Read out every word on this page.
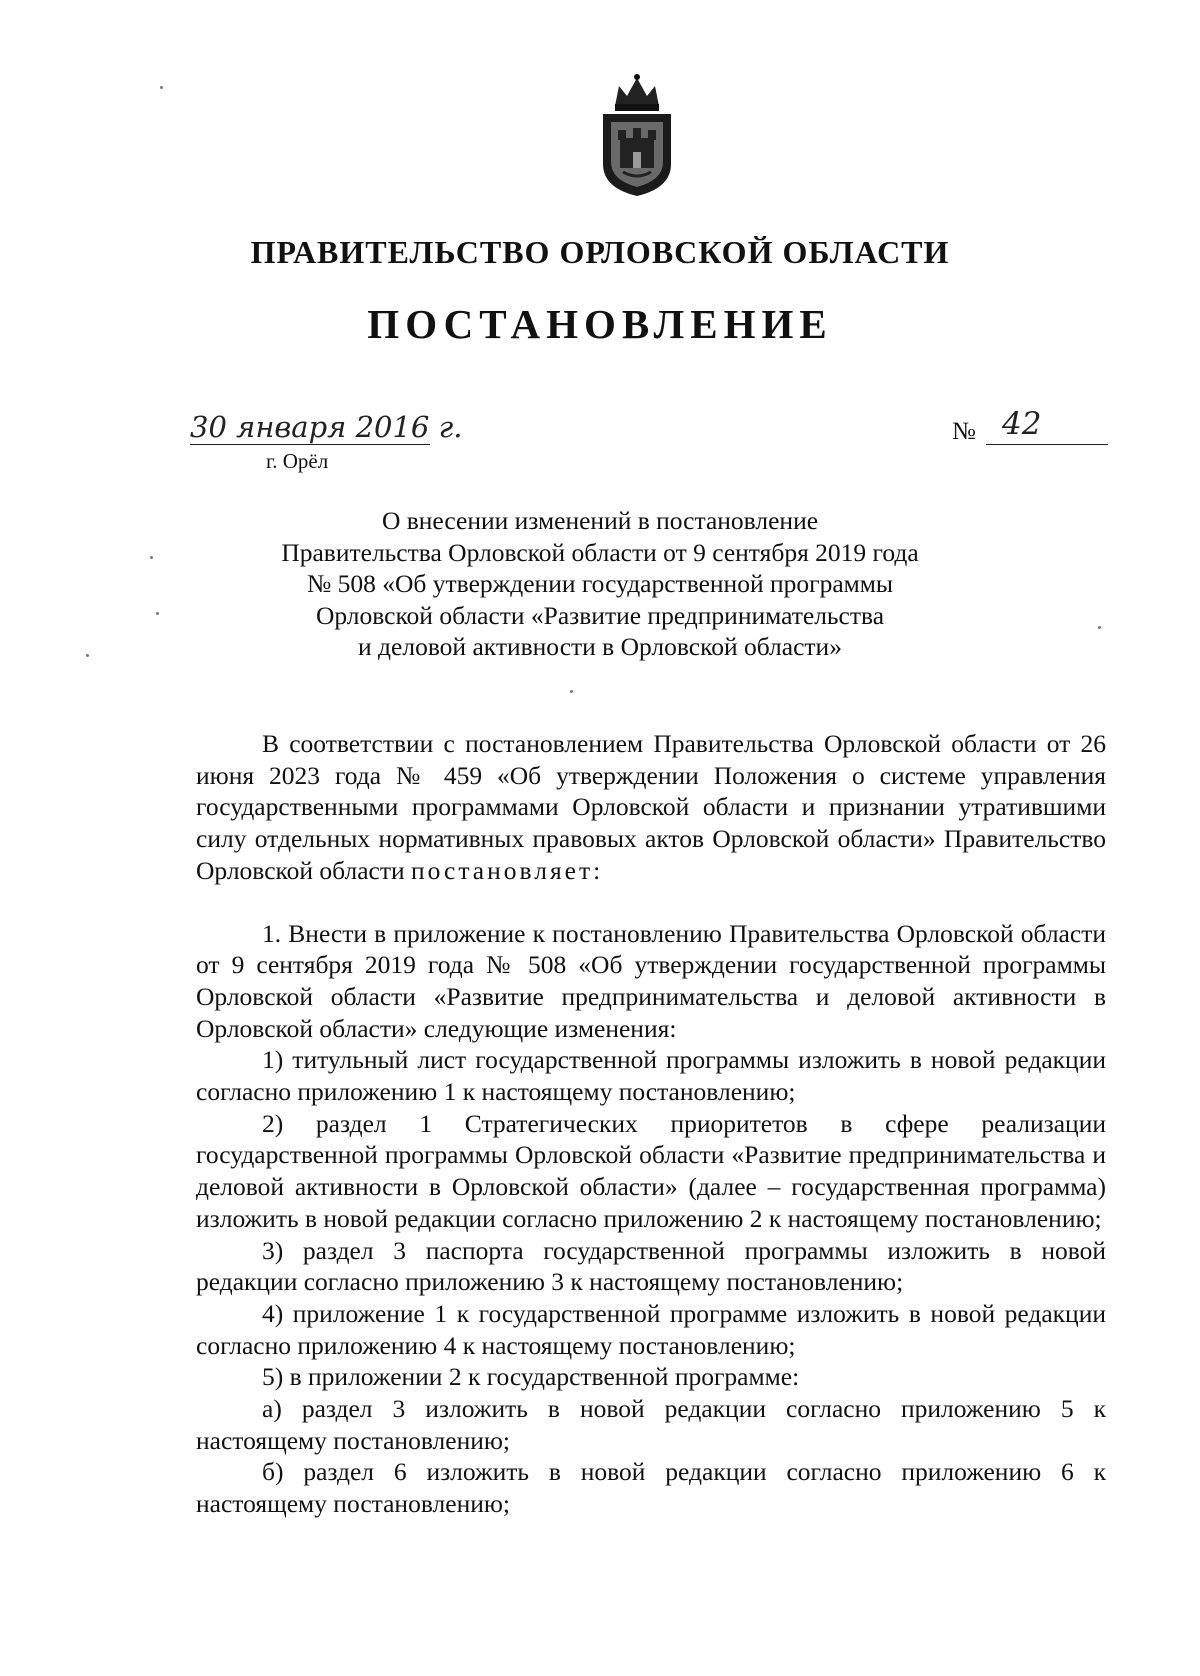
ПРАВИТЕЛЬСТВО ОРЛОВСКОЙ ОБЛАСТИ
ПОСТАНОВЛЕНИЕ
30 января 2016 г.
г. Орёл
№ 42
О внесении изменений в постановление
Правительства Орловской области от 9 сентября 2019 года
№ 508 «Об утверждении государственной программы
Орловской области «Развитие предпринимательства
и деловой активности в Орловской области»

В соответствии с постановлением Правительства Орловской области от 26 июня 2023 года № 459 «Об утверждении Положения о системе управления государственными программами Орловской области и признании утратившими силу отдельных нормативных правовых актов Орловской области» Правительство Орловской области постановляет:

1. Внести в приложение к постановлению Правительства Орловской области от 9 сентября 2019 года № 508 «Об утверждении государственной программы Орловской области «Развитие предпринимательства и деловой активности в Орловской области» следующие изменения:

1) титульный лист государственной программы изложить в новой редакции согласно приложению 1 к настоящему постановлению;

2) раздел 1 Стратегических приоритетов в сфере реализации государственной программы Орловской области «Развитие предпринимательства и деловой активности в Орловской области» (далее – государственная программа) изложить в новой редакции согласно приложению 2 к настоящему постановлению;

3) раздел 3 паспорта государственной программы изложить в новой редакции согласно приложению 3 к настоящему постановлению;

4) приложение 1 к государственной программе изложить в новой редакции согласно приложению 4 к настоящему постановлению;

5) в приложении 2 к государственной программе:

а) раздел 3 изложить в новой редакции согласно приложению 5 к настоящему постановлению;

б) раздел 6 изложить в новой редакции согласно приложению 6 к настоящему постановлению;
